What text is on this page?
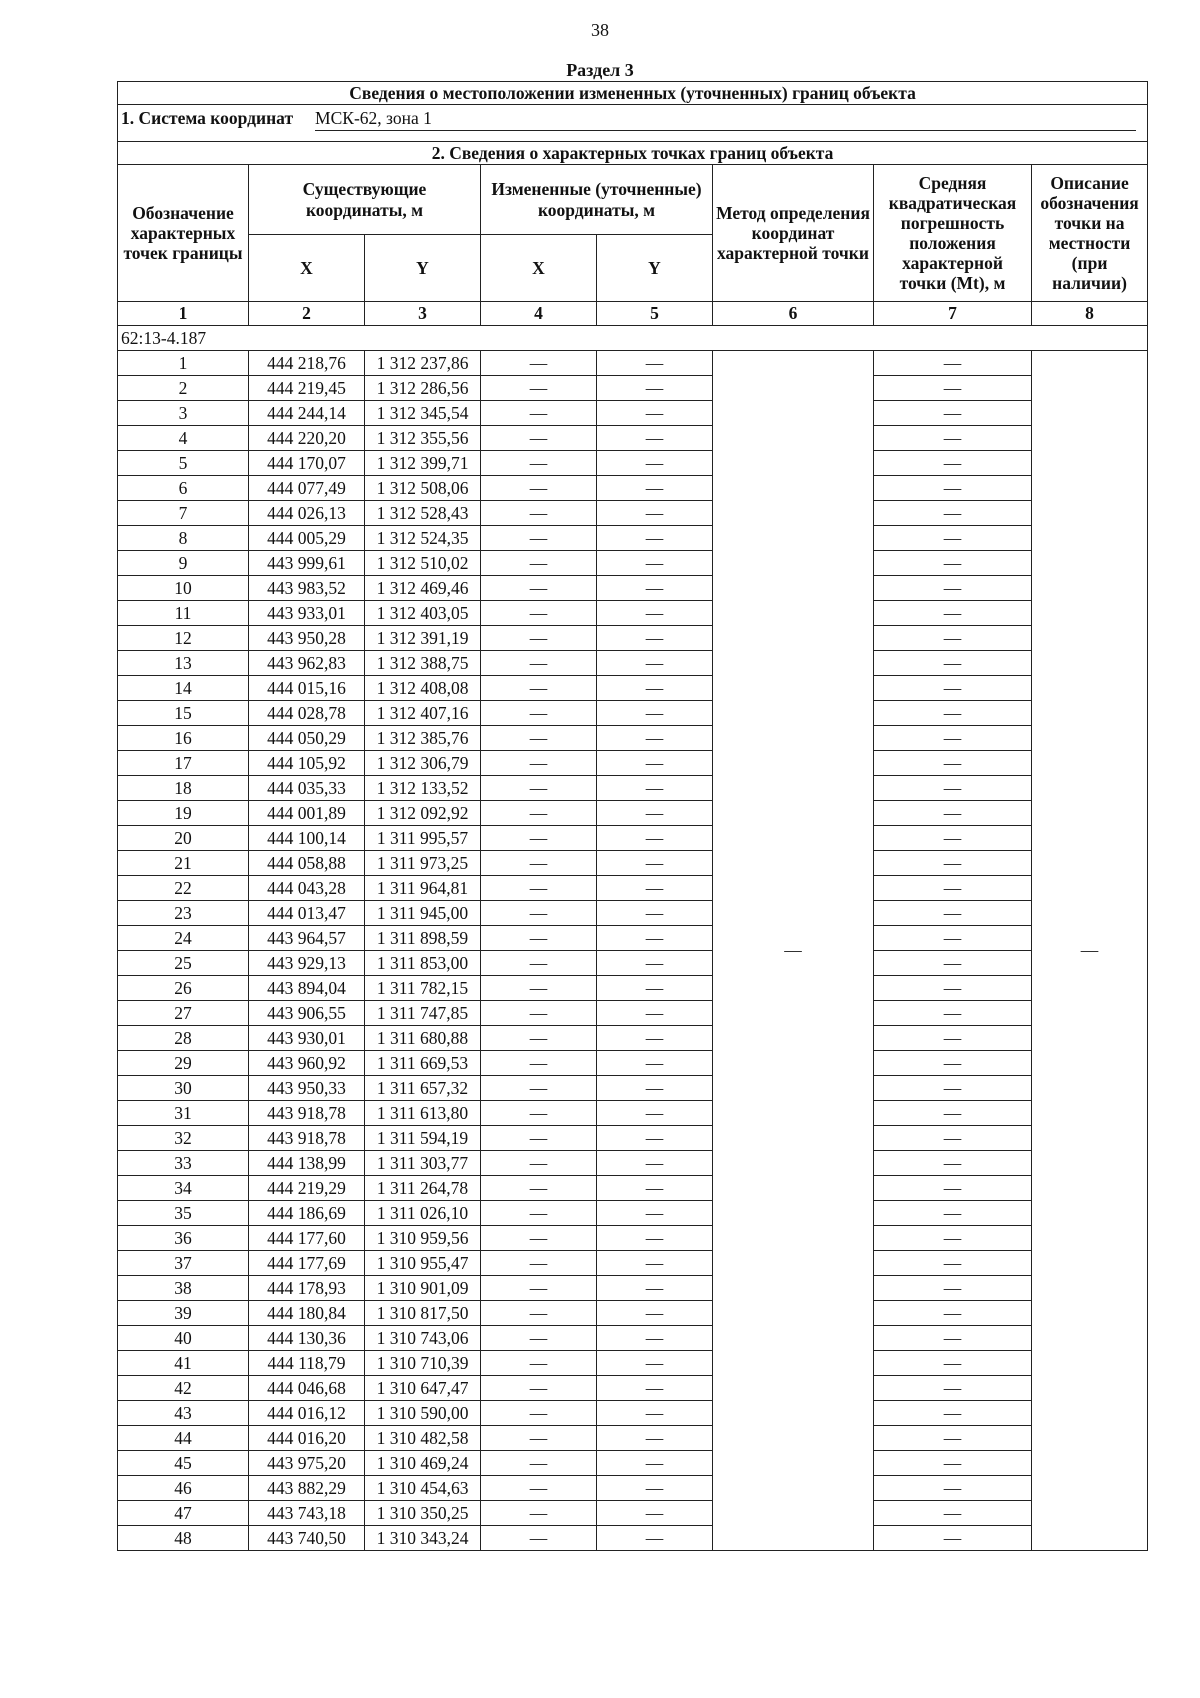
38
Раздел 3
Сведения о местоположении измененных (уточненных) границ объекта							

1. Система координат МСК-62, зона 1							

2. Сведения о характерных точках границ объекта							
Обозначение характерных точек границы	Существующие координаты, м		Измененные (уточненные) координаты, м		Метод определения координат характерной точки	Средняя квадратическая погрешность положения характерной точки (Mt), м	Описание обозначения точки на местности (при наличии)
	X	Y	X	Y			
1	2	3	4	5	6	7	8
62:13-4.187							
1	444 218,76	1 312 237,86	—	—	—	—	—
2	444 219,45	1 312 286,56	—	—		—	
3	444 244,14	1 312 345,54	—	—		—	
4	444 220,20	1 312 355,56	—	—		—	
5	444 170,07	1 312 399,71	—	—		—	
6	444 077,49	1 312 508,06	—	—		—	
7	444 026,13	1 312 528,43	—	—		—	
8	444 005,29	1 312 524,35	—	—		—	
9	443 999,61	1 312 510,02	—	—		—	
10	443 983,52	1 312 469,46	—	—		—	
11	443 933,01	1 312 403,05	—	—		—	
12	443 950,28	1 312 391,19	—	—		—	
13	443 962,83	1 312 388,75	—	—		—	
14	444 015,16	1 312 408,08	—	—		—	
15	444 028,78	1 312 407,16	—	—		—	
16	444 050,29	1 312 385,76	—	—		—	
17	444 105,92	1 312 306,79	—	—		—	
18	444 035,33	1 312 133,52	—	—		—	
19	444 001,89	1 312 092,92	—	—		—	
20	444 100,14	1 311 995,57	—	—		—	
21	444 058,88	1 311 973,25	—	—		—	
22	444 043,28	1 311 964,81	—	—		—	
23	444 013,47	1 311 945,00	—	—		—	
24	443 964,57	1 311 898,59	—	—		—	
25	443 929,13	1 311 853,00	—	—		—	
26	443 894,04	1 311 782,15	—	—		—	
27	443 906,55	1 311 747,85	—	—		—	
28	443 930,01	1 311 680,88	—	—		—	
29	443 960,92	1 311 669,53	—	—		—	
30	443 950,33	1 311 657,32	—	—		—	
31	443 918,78	1 311 613,80	—	—		—	
32	443 918,78	1 311 594,19	—	—		—	
33	444 138,99	1 311 303,77	—	—		—	
34	444 219,29	1 311 264,78	—	—		—	
35	444 186,69	1 311 026,10	—	—		—	
36	444 177,60	1 310 959,56	—	—		—	
37	444 177,69	1 310 955,47	—	—		—	
38	444 178,93	1 310 901,09	—	—		—	
39	444 180,84	1 310 817,50	—	—		—	
40	444 130,36	1 310 743,06	—	—		—	
41	444 118,79	1 310 710,39	—	—		—	
42	444 046,68	1 310 647,47	—	—		—	
43	444 016,12	1 310 590,00	—	—		—	
44	444 016,20	1 310 482,58	—	—		—	
45	443 975,20	1 310 469,24	—	—		—	
46	443 882,29	1 310 454,63	—	—		—	
47	443 743,18	1 310 350,25	—	—		—	
48	443 740,50	1 310 343,24	—	—		—	
